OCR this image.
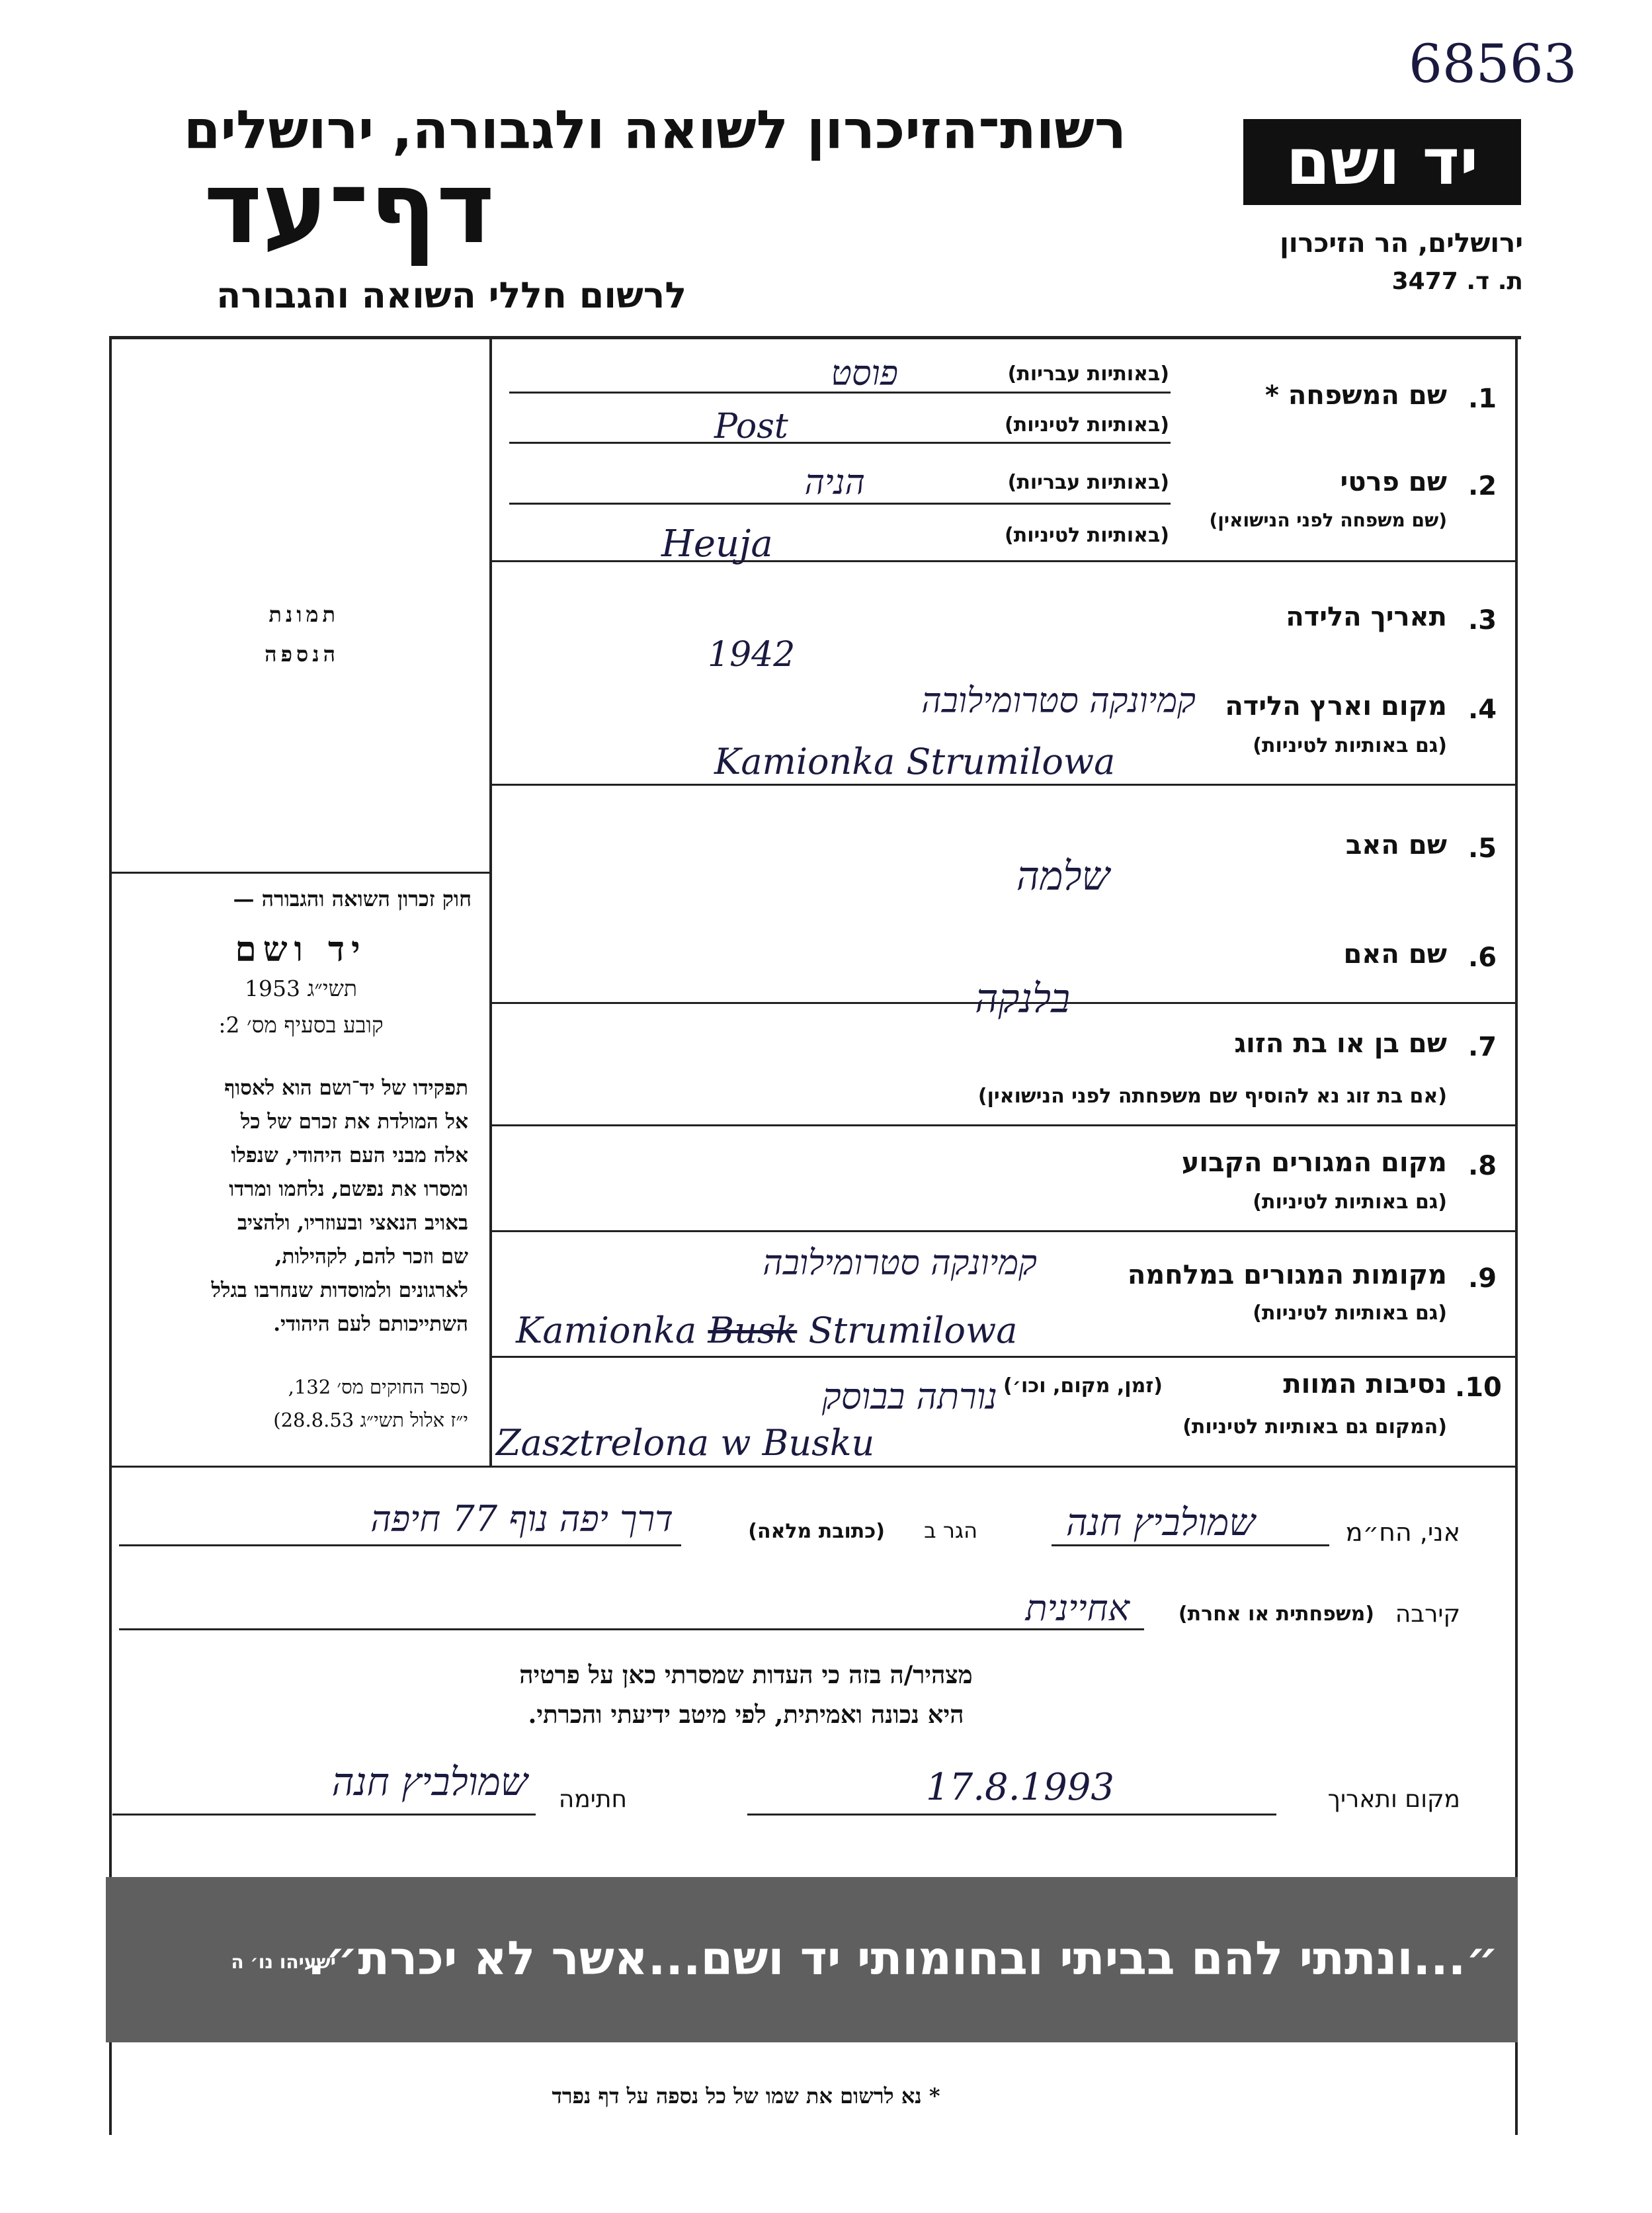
68563
רשות־הזיכרון לשואה ולגבורה, ירושלים
דף־עד
לרשום חללי השואה והגבורה
יד ושם
ירושלים, הר הזיכרון
ת. ד. 3477
תמונת
הנספה
חוק זכרון השואה והגבורה —
יד ושם
תשי״ג 1953
קובע בסעיף מס׳ 2:
תפקידו של יד־ושם הוא לאסוף
אל המולדת את זכרם של כל
אלה מבני העם היהודי, שנפלו
ומסרו את נפשם, נלחמו ומרדו
באויב הנאצי ובעוזריו, ולהציב
שם וזכר להם, לקהילות,
לארגונים ולמוסדות שנחרבו בגלל
השתייכותם לעם היהודי.
(ספר החוקים מס׳ 132,
י״ז אלול תשי״ג 28.8.53)
.1
שם המשפחה *
(באותיות עבריות)
(באותיות לטיניות)
פוסט
Post
.2
שם פרטי
(שם משפחה לפני הנישואין)
(באותיות עבריות)
(באותיות לטיניות)
הניה
Heuja
.3
תאריך הלידה
1942
.4
מקום וארץ הלידה
(גם באותיות לטיניות)
קמיונקה סטרומילובה
Kamionka Strumilowa
.5
שם האב
שלמה
.6
שם האם
בלנקה
.7
שם בן או בת הזוג
(אם בת זוג נא להוסיף שם משפחתה לפני הנישואין)
.8
מקום המגורים הקבוע
(גם באותיות לטיניות)
.9
מקומות המגורים במלחמה
(גם באותיות לטיניות)
קמיונקה סטרומילובה
Kamionka Busk Strumilowa
.10
נסיבות המוות
(זמן, מקום, וכו׳)
(המקום גם באותיות לטיניות)
נורתה בבוסק
Zasztrelona w Busku
אני, הח״מ
שמולביץ חנה
הגר ב
(כתובת מלאה)
דרך יפה נוף 77 חיפה
קירבה
(משפחתית או אחרת)
אחיינית
מצהיר/ה בזה כי העדות שמסרתי כאן על פרטיה
היא נכונה ואמיתית, לפי מיטב ידיעתי והכרתי.
מקום ותאריך
17.8.1993
חתימה
שמולביץ חנה
״...ונתתי להם בביתי ובחומותי יד ושם...אשר לא יכרת״.
ישעיהו נו׳ ה
* נא לרשום את שמו של כל נספה על דף נפרד
